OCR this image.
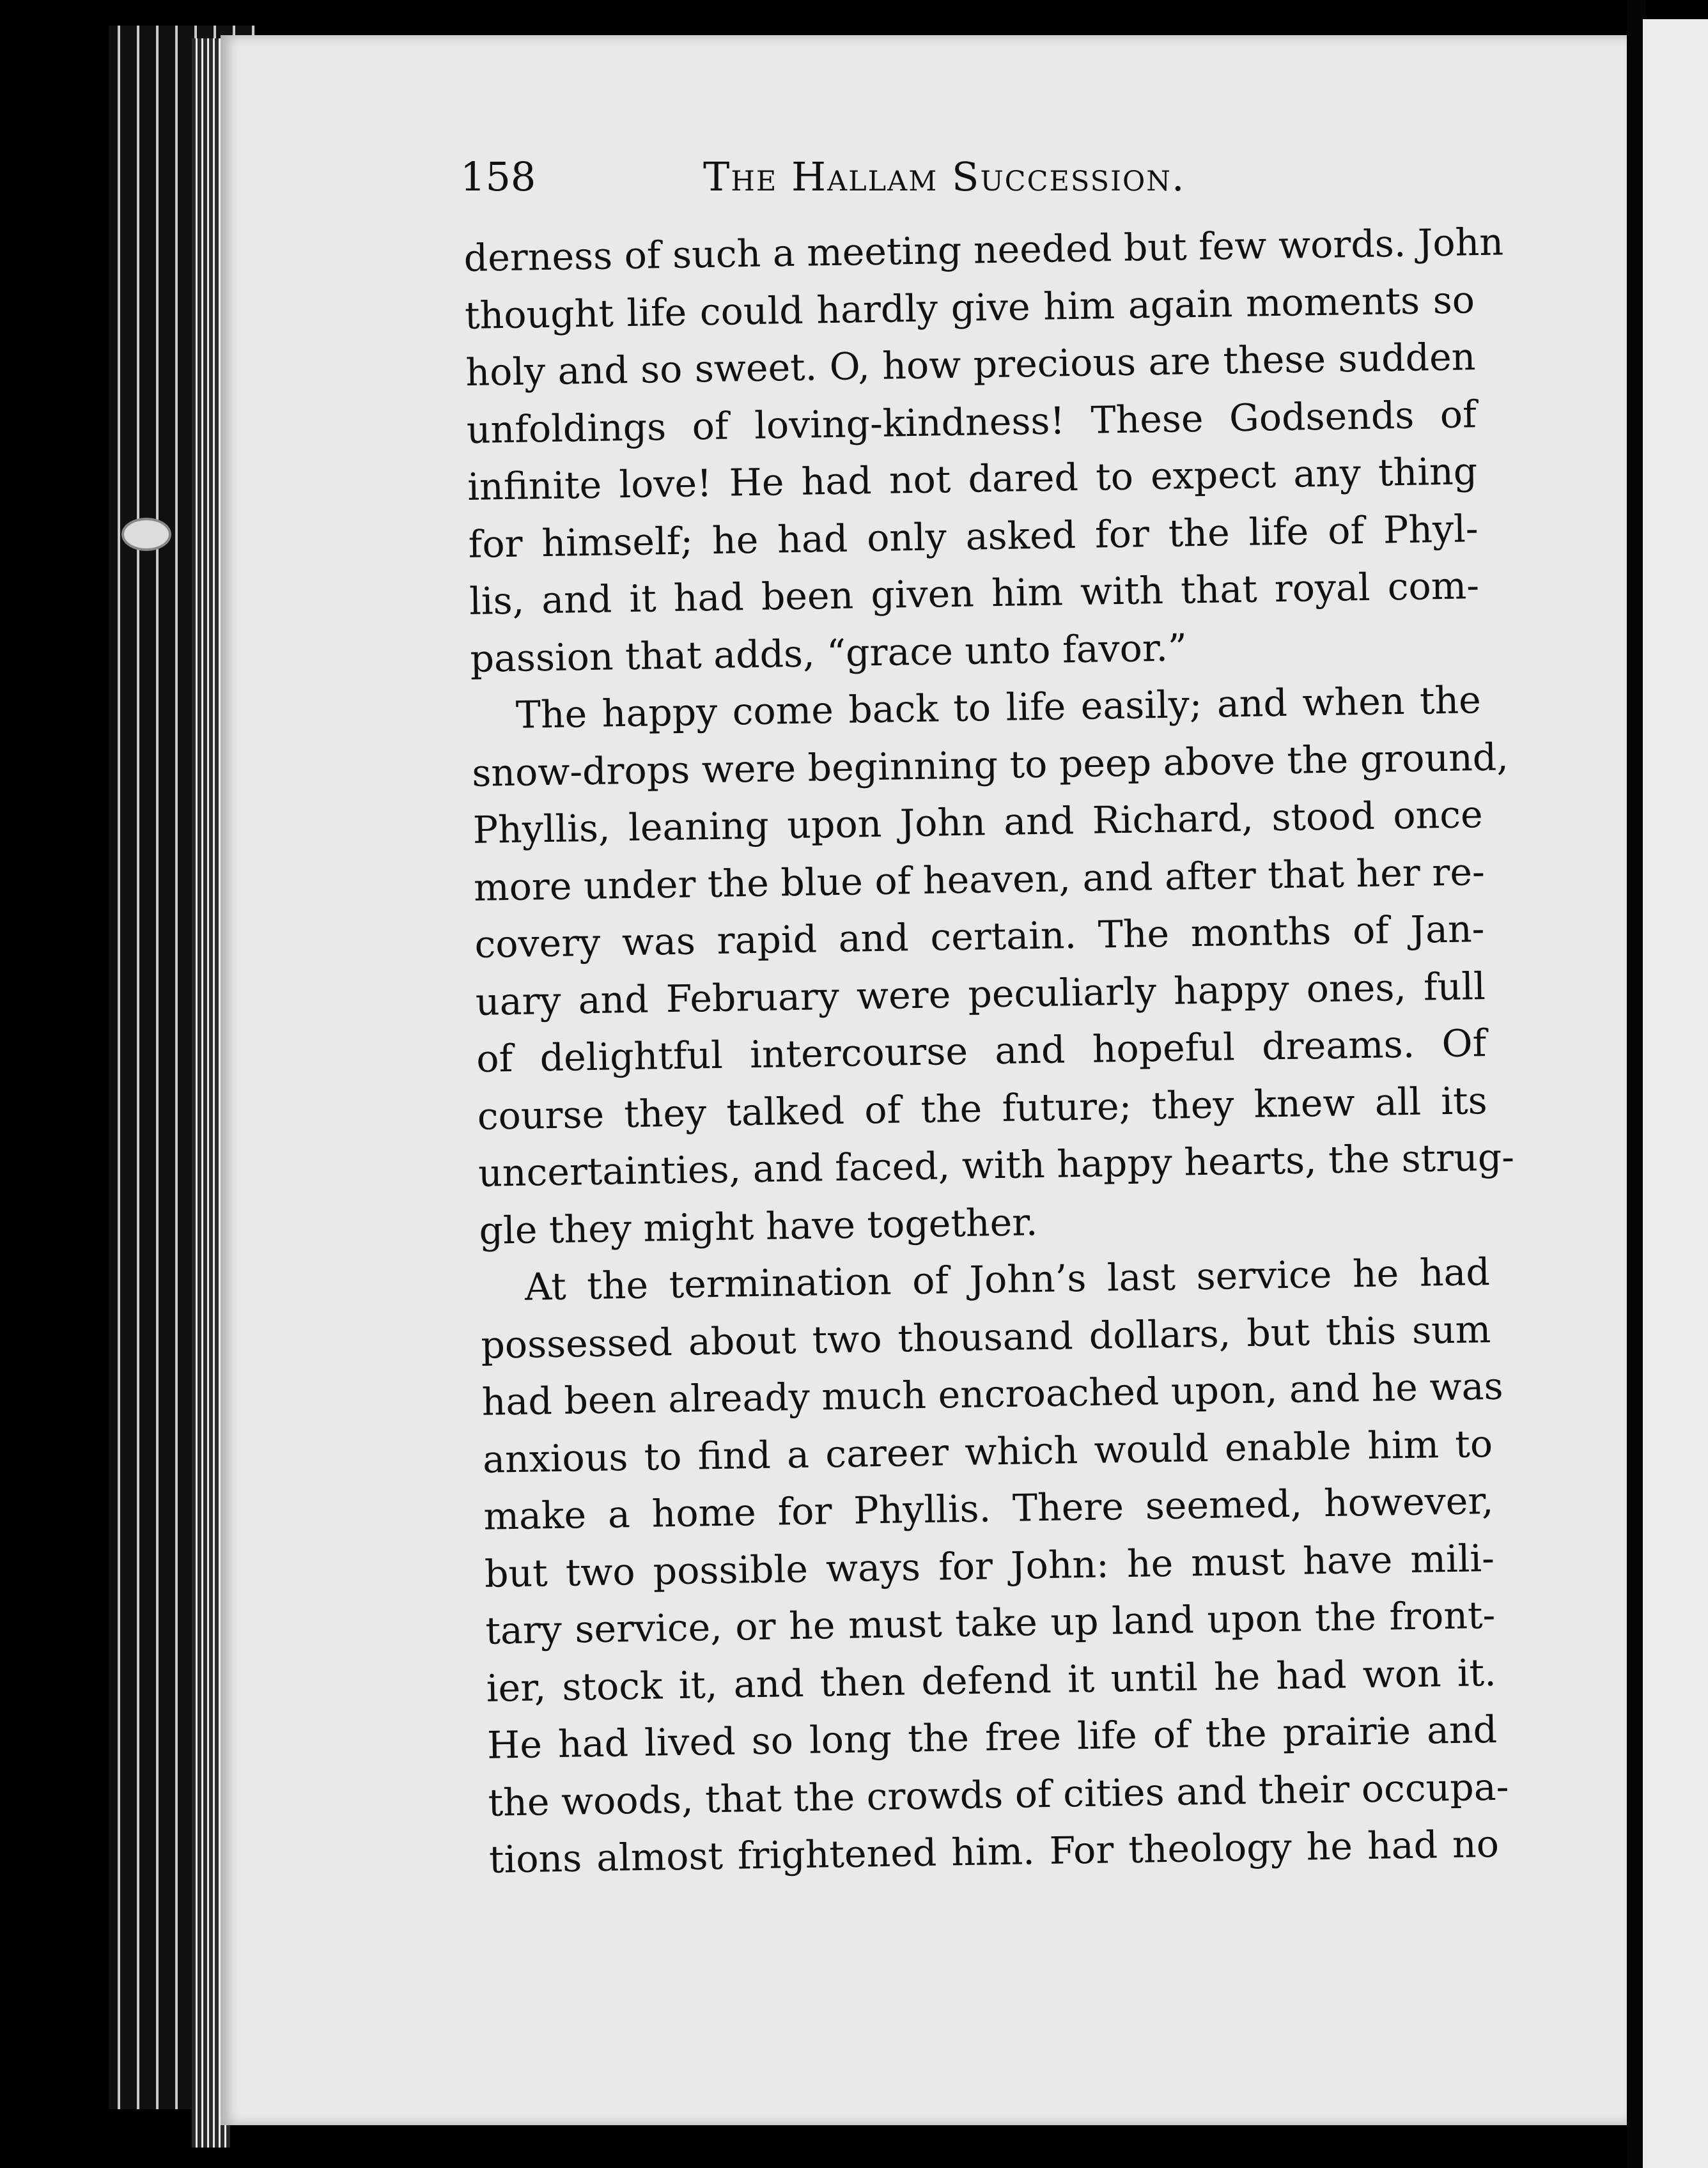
158	The Hallam Succession.
derness of such a meeting needed but few words. John
thought life could hardly give him again moments so
holy and so sweet. O, how precious are these sudden
unfoldings of loving-kindness! These Godsends of
infinite love! He had not dared to expect any thing
for himself; he had only asked for the life of Phyl-
lis, and it had been given him with that royal com-
passion that adds, “grace unto favor.”
The happy come back to life easily; and when the
snow-drops were beginning to peep above the ground,
Phyllis, leaning upon John and Richard, stood once
more under the blue of heaven, and after that her re-
covery was rapid and certain. The months of Jan-
uary and February were peculiarly happy ones, full
of delightful intercourse and hopeful dreams. Of
course they talked of the future; they knew all its
uncertainties, and faced, with happy hearts, the strug-
gle they might have together.
At the termination of John’s last service he had
possessed about two thousand dollars, but this sum
had been already much encroached upon, and he was
anxious to find a career which would enable him to
make a home for Phyllis. There seemed, however,
but two possible ways for John: he must have mili-
tary service, or he must take up land upon the front-
ier, stock it, and then defend it until he had won it.
He had lived so long the free life of the prairie and
the woods, that the crowds of cities and their occupa-
tions almost frightened him. For theology he had no
